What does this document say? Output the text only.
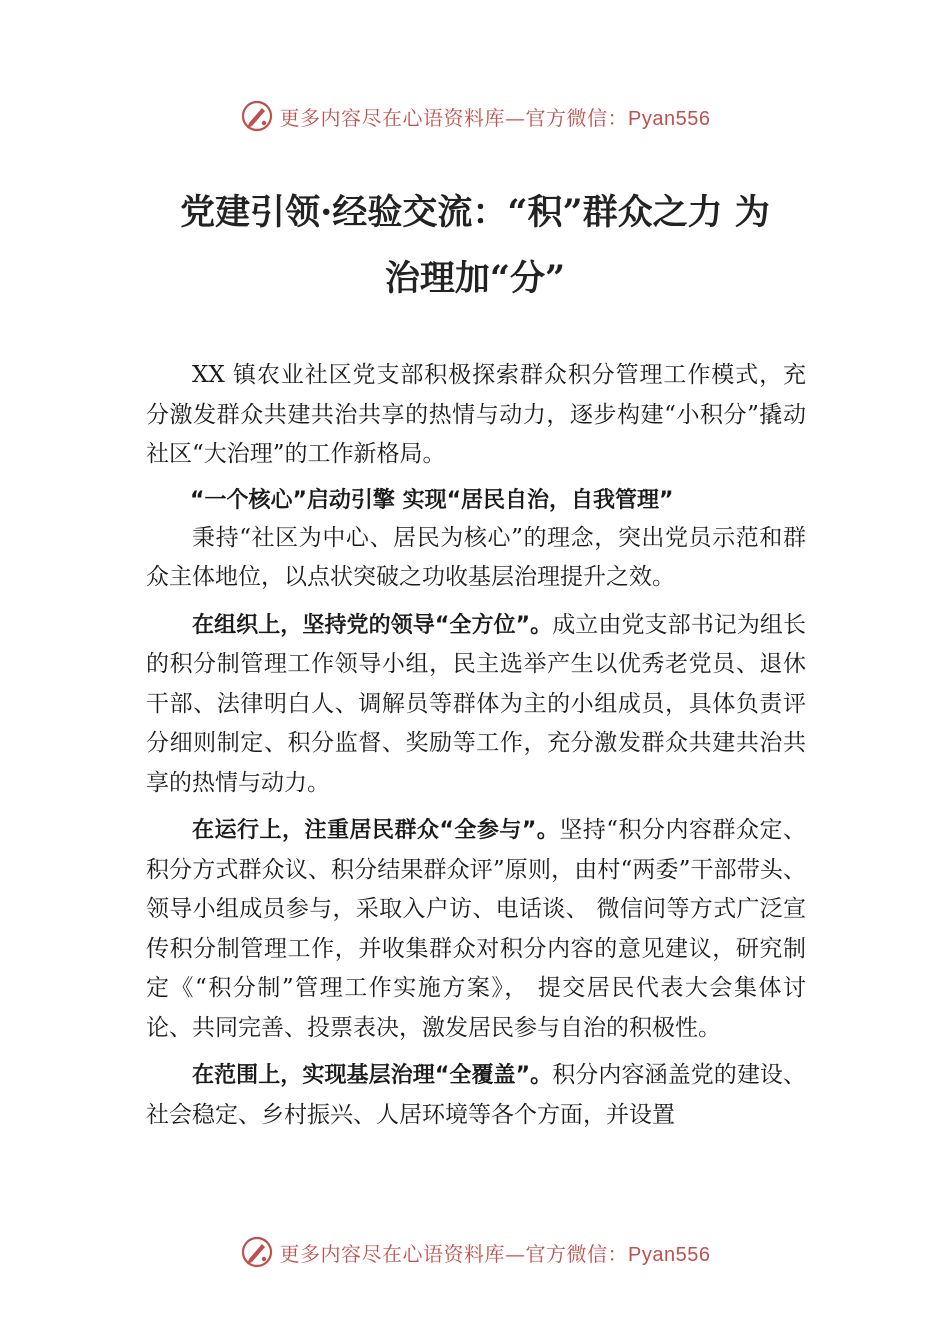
更多内容尽在心语资料库—官方微信：Pyan556
党建引领·经验交流：“积”群众之力 为
治理加“分”

XX 镇农业社区党支部积极探索群众积分管理工作模式，充分激发群众共建共治共享的热情与动力，逐步构建“小积分”撬动社区“大治理”的工作新格局。

“一个核心”启动引擎 实现“居民自治，自我管理”

秉持“社区为中心、居民为核心”的理念，突出党员示范和群众主体地位，以点状突破之功收基层治理提升之效。

在组织上，坚持党的领导“全方位”。成立由党支部书记为组长的积分制管理工作领导小组，民主选举产生以优秀老党员、退休干部、法律明白人、调解员等群体为主的小组成员，具体负责评分细则制定、积分监督、奖励等工作，充分激发群众共建共治共享的热情与动力。

在运行上，注重居民群众“全参与”。坚持“积分内容群众定、积分方式群众议、积分结果群众评”原则，由村“两委”干部带头、领导小组成员参与，采取入户访、电话谈、 微信问等方式广泛宣传积分制管理工作，并收集群众对积分内容的意见建议，研究制定《“积分制”管理工作实施方案》， 提交居民代表大会集体讨论、共同完善、投票表决，激发居民参与自治的积极性。

在范围上，实现基层治理“全覆盖”。积分内容涵盖党的建设、社会稳定、乡村振兴、人居环境等各个方面，并设置

更多内容尽在心语资料库—官方微信：Pyan556
